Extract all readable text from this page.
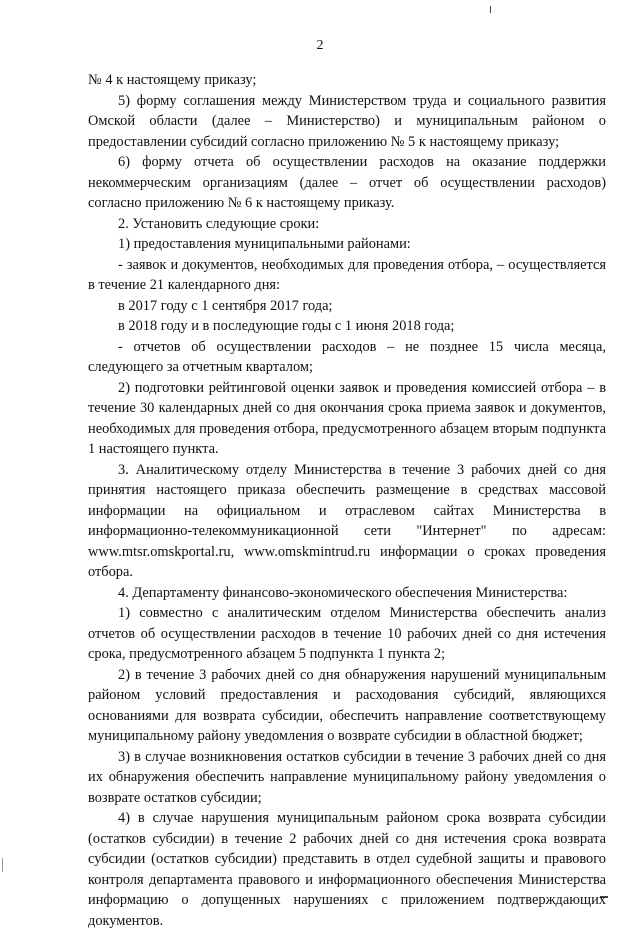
2

№ 4 к настоящему приказу;

5) форму соглашения между Министерством труда и социального развития Омской области (далее – Министерство) и муниципальным районом о предоставлении субсидий согласно приложению № 5 к настоящему приказу;

6) форму отчета об осуществлении расходов на оказание поддержки некоммерческим организациям (далее – отчет об осуществлении расходов) согласно приложению № 6 к настоящему приказу.

2. Установить следующие сроки:

1) предоставления муниципальными районами:

- заявок и документов, необходимых для проведения отбора, – осуществляется в течение 21 календарного дня:

в 2017 году с 1 сентября 2017 года;

в 2018 году и в последующие годы с 1 июня 2018 года;

- отчетов об осуществлении расходов – не позднее 15 числа месяца, следующего за отчетным кварталом;

2) подготовки рейтинговой оценки заявок и проведения комиссией отбора – в течение 30 календарных дней со дня окончания срока приема заявок и документов, необходимых для проведения отбора, предусмотренного абзацем вторым подпункта 1 настоящего пункта.

3. Аналитическому отделу Министерства в течение 3 рабочих дней со дня принятия настоящего приказа обеспечить размещение в средствах массовой информации на официальном и отраслевом сайтах Министерства в информационно-телекоммуникационной сети "Интернет" по адресам: www.mtsr.omskportal.ru, www.omskmintrud.ru информации о сроках проведения отбора.

4. Департаменту финансово-экономического обеспечения Министерства:

1) совместно с аналитическим отделом Министерства обеспечить анализ отчетов об осуществлении расходов в течение 10 рабочих дней со дня истечения срока, предусмотренного абзацем 5 подпункта 1 пункта 2;

2) в течение 3 рабочих дней со дня обнаружения нарушений муниципальным районом условий предоставления и расходования субсидий, являющихся основаниями для возврата субсидии, обеспечить направление соответствующему муниципальному району уведомления о возврате субсидии в областной бюджет;

3) в случае возникновения остатков субсидии в течение 3 рабочих дней со дня их обнаружения обеспечить направление муниципальному району уведомления о возврате остатков субсидии;

4) в случае нарушения муниципальным районом срока возврата субсидии (остатков субсидии) в течение 2 рабочих дней со дня истечения срока возврата субсидии (остатков субсидии) представить в отдел судебной защиты и правового контроля департамента правового и информационного обеспечения Министерства информацию о допущенных нарушениях с приложением подтверждающих документов.
